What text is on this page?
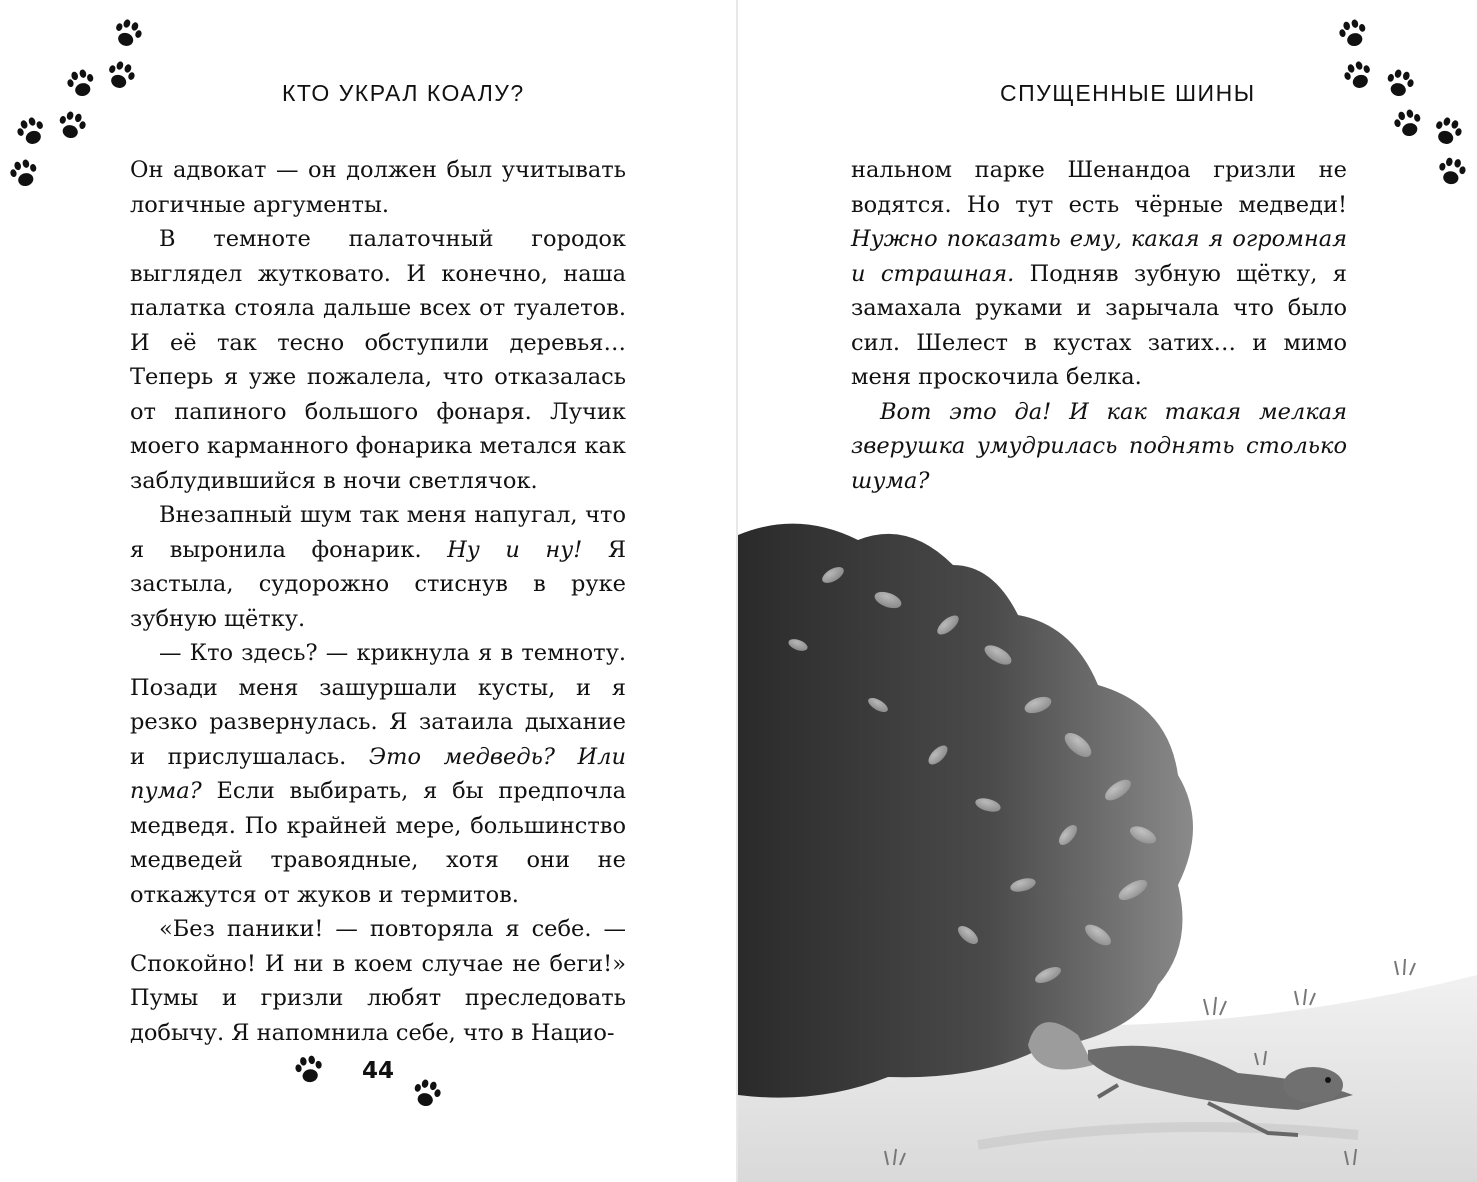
КТО УКРАЛ КОАЛУ?

Он адвокат — он должен был учитывать логичные аргументы.

В темноте палаточный городок выглядел жутковато. И конечно, наша палатка стояла дальше всех от туалетов. И её так тесно обступили деревья… Теперь я уже пожалела, что отказалась от папиного большого фонаря. Лучик моего карманного фонарика метался как заблудившийся в ночи светлячок.

Внезапный шум так меня напугал, что я выронила фонарик. Ну и ну! Я застыла, судорожно стиснув в руке зубную щётку.

— Кто здесь? — крикнула я в темноту. Позади меня зашуршали кусты, и я резко развернулась. Я затаила дыхание и прислушалась. Это медведь? Или пума? Если выбирать, я бы предпочла медведя. По крайней мере, большинство медведей травоядные, хотя они не откажутся от жуков и термитов.

«Без паники! — повторяла я себе. — Спокойно! И ни в коем случае не беги!» Пумы и гризли любят преследовать добычу. Я напомнила себе, что в Нацио-

44
СПУЩЕННЫЕ ШИНЫ

нальном парке Шенандоа гризли не водятся. Но тут есть чёрные медведи! Нужно показать ему, какая я огромная и страшная. Подняв зубную щётку, я замахала руками и зарычала что было сил. Шелест в кустах затих… и мимо меня проскочила белка.

Вот это да! И как такая мелкая зверушка умудрилась поднять столько шума?
